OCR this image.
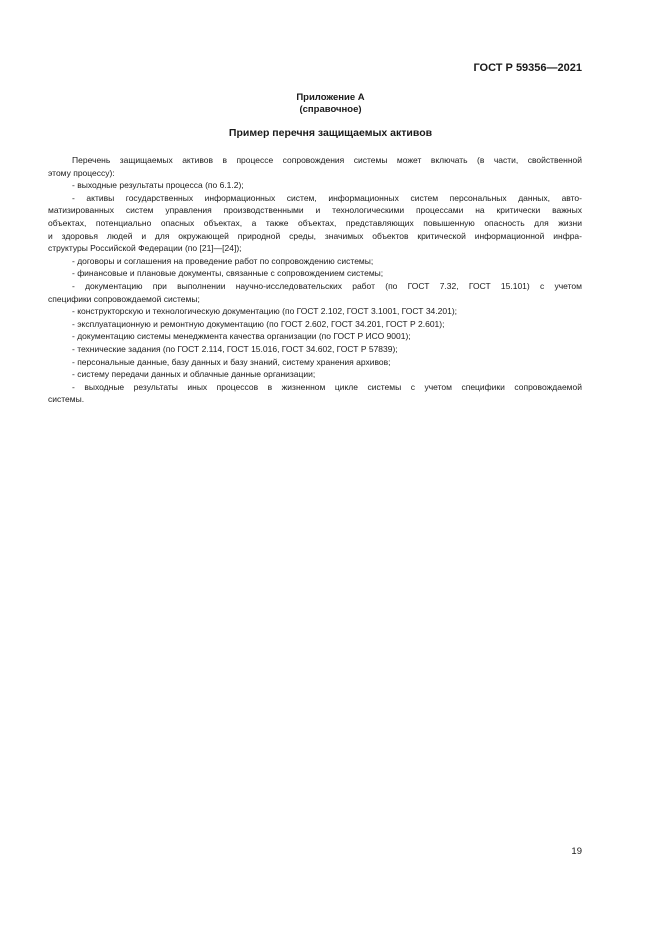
ГОСТ Р 59356—2021
Приложение А
(справочное)
Пример перечня защищаемых активов
Перечень защищаемых активов в процессе сопровождения системы может включать (в части, свойственной
этому процессу):
- выходные результаты процесса (по 6.1.2);
- активы государственных информационных систем, информационных систем персональных данных, авто-
матизированных систем управления производственными и технологическими процессами на критически важных
объектах, потенциально опасных объектах, а также объектах, представляющих повышенную опасность для жизни
и здоровья людей и для окружающей природной среды, значимых объектов критической информационной инфра-
структуры Российской Федерации (по [21]—[24]);
- договоры и соглашения на проведение работ по сопровождению системы;
- финансовые и плановые документы, связанные с сопровождением системы;
- документацию при выполнении научно-исследовательских работ (по ГОСТ 7.32, ГОСТ 15.101) с учетом
специфики сопровождаемой системы;
- конструкторскую и технологическую документацию (по ГОСТ 2.102, ГОСТ 3.1001, ГОСТ 34.201);
- эксплуатационную и ремонтную документацию (по ГОСТ 2.602, ГОСТ 34.201, ГОСТ Р 2.601);
- документацию системы менеджмента качества организации (по ГОСТ Р ИСО 9001);
- технические задания (по ГОСТ 2.114, ГОСТ 15.016, ГОСТ 34.602, ГОСТ Р 57839);
- персональные данные, базу данных и базу знаний, систему хранения архивов;
- систему передачи данных и облачные данные организации;
- выходные результаты иных процессов в жизненном цикле системы с учетом специфики сопровождаемой
системы.
19
